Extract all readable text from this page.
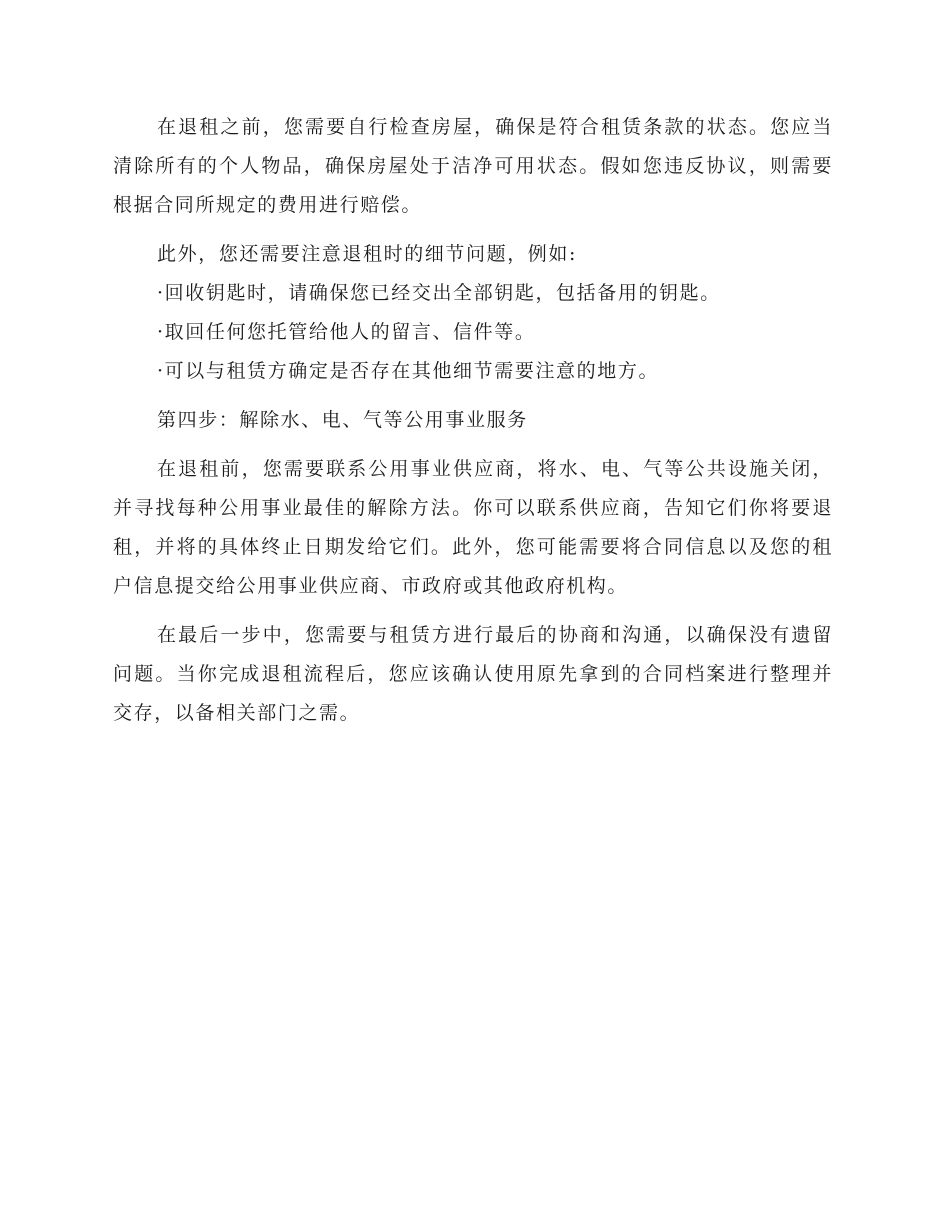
在退租之前，您需要自行检查房屋，确保是符合租赁条款的状态。您应当清除所有的个人物品，确保房屋处于洁净可用状态。假如您违反协议，则需要根据合同所规定的费用进行赔偿。

此外，您还需要注意退租时的细节问题，例如:

·回收钥匙时，请确保您已经交出全部钥匙，包括备用的钥匙。

·取回任何您托管给他人的留言、信件等。

·可以与租赁方确定是否存在其他细节需要注意的地方。

第四步：解除水、电、气等公用事业服务

在退租前，您需要联系公用事业供应商，将水、电、气等公共设施关闭，并寻找每种公用事业最佳的解除方法。你可以联系供应商，告知它们你将要退租，并将的具体终止日期发给它们。此外，您可能需要将合同信息以及您的租户信息提交给公用事业供应商、市政府或其他政府机构。

在最后一步中，您需要与租赁方进行最后的协商和沟通，以确保没有遗留问题。当你完成退租流程后，您应该确认使用原先拿到的合同档案进行整理并交存，以备相关部门之需。
